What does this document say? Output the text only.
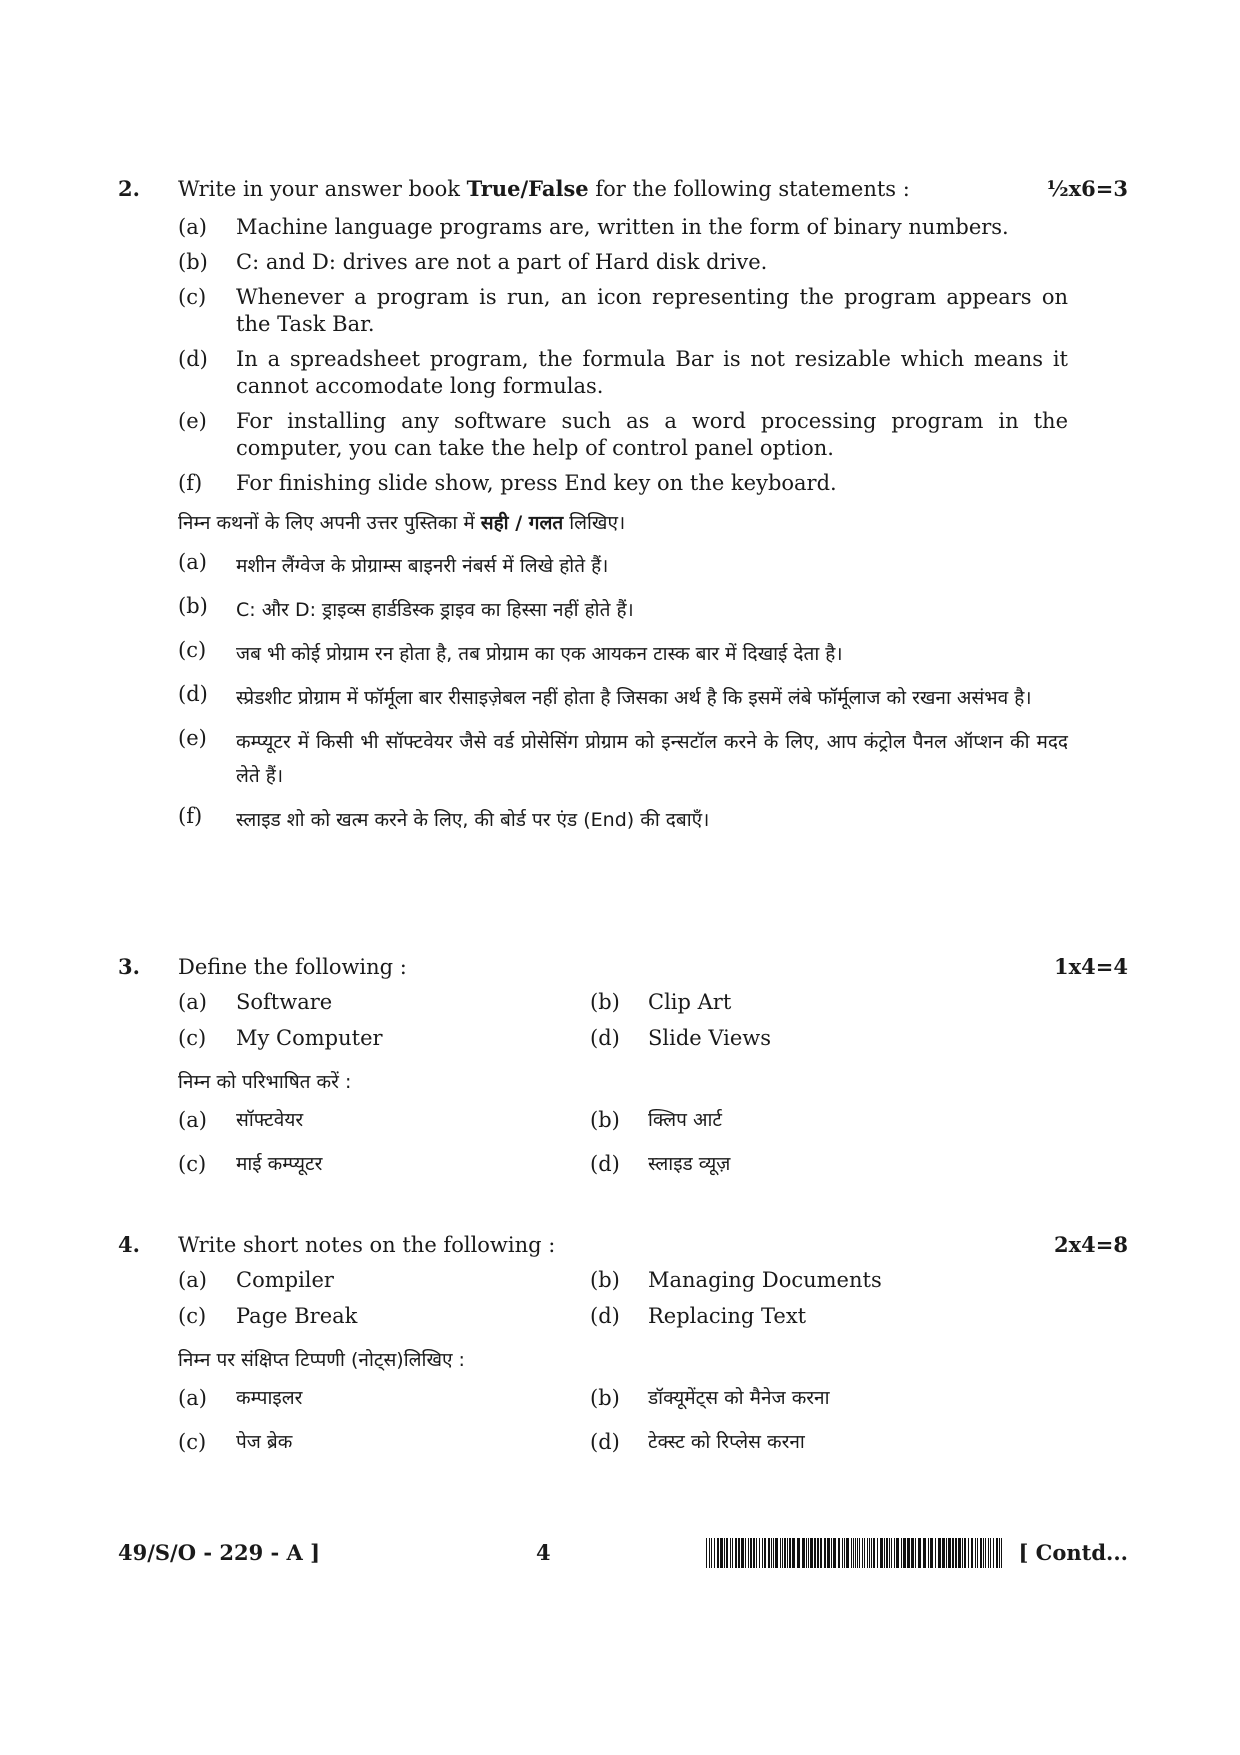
2. Write in your answer book True/False for the following statements :	½x6=3
(a) Machine language programs are, written in the form of binary numbers.
(b) C: and D: drives are not a part of Hard disk drive.
(c) Whenever a program is run, an icon representing the program appears on the Task Bar.
(d) In a spreadsheet program, the formula Bar is not resizable which means it cannot accomodate long formulas.
(e) For installing any software such as a word processing program in the computer, you can take the help of control panel option.
(f) For finishing slide show, press End key on the keyboard.
निम्न कथनों के लिए अपनी उत्तर पुस्तिका में सही / गलत लिखिए।
(a) मशीन लैंग्वेज के प्रोग्राम्स बाइनरी नंबर्स में लिखे होते हैं।
(b) C: और D: ड्राइव्स हार्डडिस्क ड्राइव का हिस्सा नहीं होते हैं।
(c) जब भी कोई प्रोग्राम रन होता है, तब प्रोग्राम का एक आयकन टास्क बार में दिखाई देता है।
(d) स्प्रेडशीट प्रोग्राम में फॉर्मूला बार रीसाइज़ेबल नहीं होता है जिसका अर्थ है कि इसमें लंबे फॉर्मूलाज को रखना असंभव है।
(e) कम्प्यूटर में किसी भी सॉफ्टवेयर जैसे वर्ड प्रोसेसिंग प्रोग्राम को इन्सटॉल करने के लिए, आप कंट्रोल पैनल ऑप्शन की मदद लेते हैं।
(f) स्लाइड शो को खत्म करने के लिए, की बोर्ड पर एंड (End) की दबाएँ।
3. Define the following :	1x4=4
(a) Software	(b) Clip Art
(c) My Computer	(d) Slide Views
निम्न को परिभाषित करें :
(a) सॉफ्टवेयर	(b) क्लिप आर्ट
(c) माई कम्प्यूटर	(d) स्लाइड व्यूज़
4. Write short notes on the following :	2x4=8
(a) Compiler	(b) Managing Documents
(c) Page Break	(d) Replacing Text
निम्न पर संक्षिप्त टिप्पणी (नोट्स)लिखिए :
(a) कम्पाइलर	(b) डॉक्यूमेंट्स को मैनेज करना
(c) पेज ब्रेक	(d) टेक्स्ट को रिप्लेस करना
49/S/O - 229 - A ]	4	[ Contd...
